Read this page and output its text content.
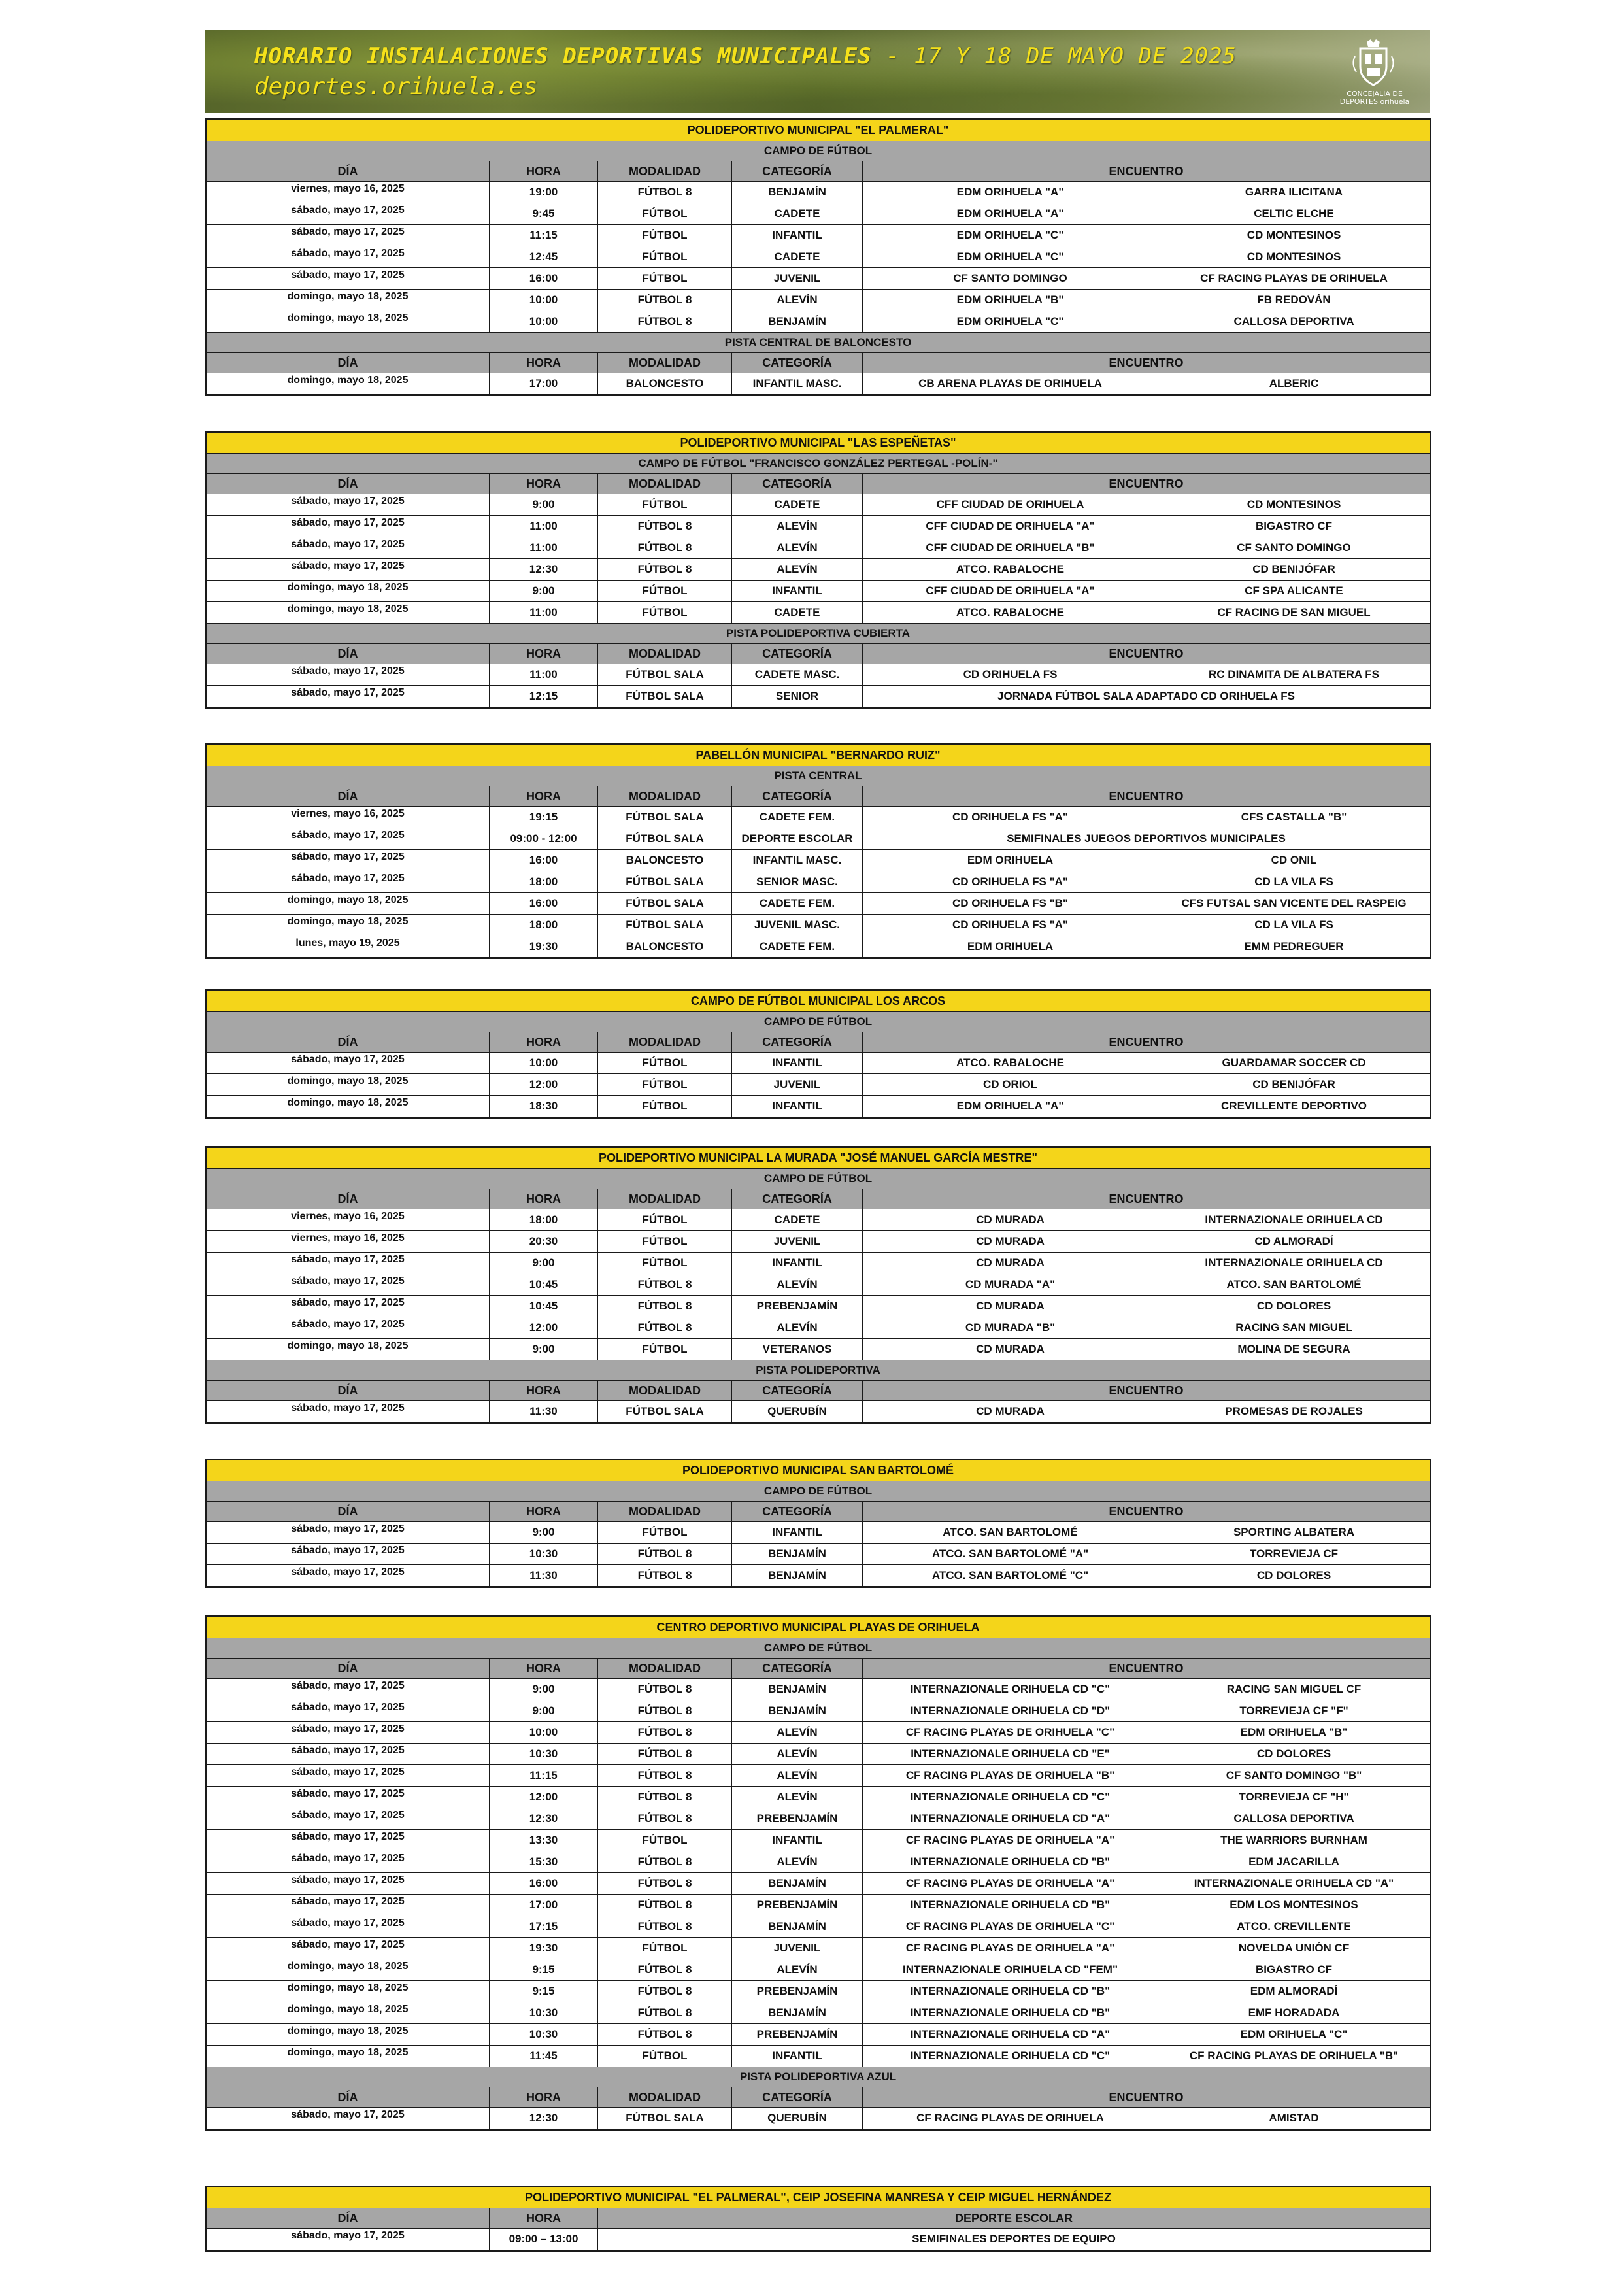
HORARIO INSTALACIONES DEPORTIVAS MUNICIPALES - 17 Y 18 DE MAYO DE 2025
deportes.orihuela.es	CONCEJALÍA DE DEPORTES orihuela
POLIDEPORTIVO MUNICIPAL "EL PALMERAL"					
CAMPO DE FÚTBOL					
DÍA	HORA	MODALIDAD	CATEGORÍA	ENCUENTRO	
viernes, mayo 16, 2025	19:00	FÚTBOL 8	BENJAMÍN	EDM ORIHUELA "A"	GARRA ILICITANA
sábado, mayo 17, 2025	9:45	FÚTBOL	CADETE	EDM ORIHUELA "A"	CELTIC ELCHE
sábado, mayo 17, 2025	11:15	FÚTBOL	INFANTIL	EDM ORIHUELA "C"	CD MONTESINOS
sábado, mayo 17, 2025	12:45	FÚTBOL	CADETE	EDM ORIHUELA "C"	CD MONTESINOS
sábado, mayo 17, 2025	16:00	FÚTBOL	JUVENIL	CF SANTO DOMINGO	CF RACING PLAYAS DE ORIHUELA
domingo, mayo 18, 2025	10:00	FÚTBOL 8	ALEVÍN	EDM ORIHUELA "B"	FB REDOVÁN
domingo, mayo 18, 2025	10:00	FÚTBOL 8	BENJAMÍN	EDM ORIHUELA "C"	CALLOSA DEPORTIVA
PISTA CENTRAL DE BALONCESTO					
DÍA	HORA	MODALIDAD	CATEGORÍA	ENCUENTRO	
domingo, mayo 18, 2025	17:00	BALONCESTO	INFANTIL MASC.	CB ARENA PLAYAS DE ORIHUELA	ALBERIC
POLIDEPORTIVO MUNICIPAL "LAS ESPEÑETAS"					
CAMPO DE FÚTBOL "FRANCISCO GONZÁLEZ PERTEGAL -POLÍN-"					
DÍA	HORA	MODALIDAD	CATEGORÍA	ENCUENTRO	
sábado, mayo 17, 2025	9:00	FÚTBOL	CADETE	CFF CIUDAD DE ORIHUELA	CD MONTESINOS
sábado, mayo 17, 2025	11:00	FÚTBOL 8	ALEVÍN	CFF CIUDAD DE ORIHUELA "A"	BIGASTRO CF
sábado, mayo 17, 2025	11:00	FÚTBOL 8	ALEVÍN	CFF CIUDAD DE ORIHUELA "B"	CF SANTO DOMINGO
sábado, mayo 17, 2025	12:30	FÚTBOL 8	ALEVÍN	ATCO. RABALOCHE	CD BENIJÓFAR
domingo, mayo 18, 2025	9:00	FÚTBOL	INFANTIL	CFF CIUDAD DE ORIHUELA "A"	CF SPA ALICANTE
domingo, mayo 18, 2025	11:00	FÚTBOL	CADETE	ATCO. RABALOCHE	CF RACING DE SAN MIGUEL
PISTA POLIDEPORTIVA CUBIERTA					
DÍA	HORA	MODALIDAD	CATEGORÍA	ENCUENTRO	
sábado, mayo 17, 2025	11:00	FÚTBOL SALA	CADETE MASC.	CD ORIHUELA FS	RC DINAMITA DE ALBATERA FS
sábado, mayo 17, 2025	12:15	FÚTBOL SALA	SENIOR	JORNADA FÚTBOL SALA ADAPTADO CD ORIHUELA FS	
PABELLÓN MUNICIPAL "BERNARDO RUIZ"					
PISTA CENTRAL					
DÍA	HORA	MODALIDAD	CATEGORÍA	ENCUENTRO	
viernes, mayo 16, 2025	19:15	FÚTBOL SALA	CADETE FEM.	CD ORIHUELA FS "A"	CFS CASTALLA "B"
sábado, mayo 17, 2025	09:00 - 12:00	FÚTBOL SALA	DEPORTE ESCOLAR	SEMIFINALES JUEGOS DEPORTIVOS MUNICIPALES	
sábado, mayo 17, 2025	16:00	BALONCESTO	INFANTIL MASC.	EDM ORIHUELA	CD ONIL
sábado, mayo 17, 2025	18:00	FÚTBOL SALA	SENIOR MASC.	CD ORIHUELA FS "A"	CD LA VILA FS
domingo, mayo 18, 2025	16:00	FÚTBOL SALA	CADETE FEM.	CD ORIHUELA FS "B"	CFS FUTSAL SAN VICENTE DEL RASPEIG
domingo, mayo 18, 2025	18:00	FÚTBOL SALA	JUVENIL MASC.	CD ORIHUELA FS "A"	CD LA VILA FS
lunes, mayo 19, 2025	19:30	BALONCESTO	CADETE FEM.	EDM ORIHUELA	EMM PEDREGUER
CAMPO DE FÚTBOL MUNICIPAL LOS ARCOS					
CAMPO DE FÚTBOL					
DÍA	HORA	MODALIDAD	CATEGORÍA	ENCUENTRO	
sábado, mayo 17, 2025	10:00	FÚTBOL	INFANTIL	ATCO. RABALOCHE	GUARDAMAR SOCCER CD
domingo, mayo 18, 2025	12:00	FÚTBOL	JUVENIL	CD ORIOL	CD BENIJÓFAR
domingo, mayo 18, 2025	18:30	FÚTBOL	INFANTIL	EDM ORIHUELA "A"	CREVILLENTE DEPORTIVO
POLIDEPORTIVO MUNICIPAL LA MURADA "JOSÉ MANUEL GARCÍA MESTRE"					
CAMPO DE FÚTBOL					
DÍA	HORA	MODALIDAD	CATEGORÍA	ENCUENTRO	
viernes, mayo 16, 2025	18:00	FÚTBOL	CADETE	CD MURADA	INTERNAZIONALE ORIHUELA CD
viernes, mayo 16, 2025	20:30	FÚTBOL	JUVENIL	CD MURADA	CD ALMORADÍ
sábado, mayo 17, 2025	9:00	FÚTBOL	INFANTIL	CD MURADA	INTERNAZIONALE ORIHUELA CD
sábado, mayo 17, 2025	10:45	FÚTBOL 8	ALEVÍN	CD MURADA "A"	ATCO. SAN BARTOLOMÉ
sábado, mayo 17, 2025	10:45	FÚTBOL 8	PREBENJAMÍN	CD MURADA	CD DOLORES
sábado, mayo 17, 2025	12:00	FÚTBOL 8	ALEVÍN	CD MURADA "B"	RACING SAN MIGUEL
domingo, mayo 18, 2025	9:00	FÚTBOL	VETERANOS	CD MURADA	MOLINA DE SEGURA
PISTA POLIDEPORTIVA					
DÍA	HORA	MODALIDAD	CATEGORÍA	ENCUENTRO	
sábado, mayo 17, 2025	11:30	FÚTBOL SALA	QUERUBÍN	CD MURADA	PROMESAS DE ROJALES
POLIDEPORTIVO MUNICIPAL SAN BARTOLOMÉ					
CAMPO DE FÚTBOL					
DÍA	HORA	MODALIDAD	CATEGORÍA	ENCUENTRO	
sábado, mayo 17, 2025	9:00	FÚTBOL	INFANTIL	ATCO. SAN BARTOLOMÉ	SPORTING ALBATERA
sábado, mayo 17, 2025	10:30	FÚTBOL 8	BENJAMÍN	ATCO. SAN BARTOLOMÉ "A"	TORREVIEJA CF
sábado, mayo 17, 2025	11:30	FÚTBOL 8	BENJAMÍN	ATCO. SAN BARTOLOMÉ "C"	CD DOLORES
CENTRO DEPORTIVO MUNICIPAL PLAYAS DE ORIHUELA					
CAMPO DE FÚTBOL					
DÍA	HORA	MODALIDAD	CATEGORÍA	ENCUENTRO	
sábado, mayo 17, 2025	9:00	FÚTBOL 8	BENJAMÍN	INTERNAZIONALE ORIHUELA CD "C"	RACING SAN MIGUEL CF
sábado, mayo 17, 2025	9:00	FÚTBOL 8	BENJAMÍN	INTERNAZIONALE ORIHUELA CD "D"	TORREVIEJA CF "F"
sábado, mayo 17, 2025	10:00	FÚTBOL 8	ALEVÍN	CF RACING PLAYAS DE ORIHUELA "C"	EDM ORIHUELA "B"
sábado, mayo 17, 2025	10:30	FÚTBOL 8	ALEVÍN	INTERNAZIONALE ORIHUELA CD "E"	CD DOLORES
sábado, mayo 17, 2025	11:15	FÚTBOL 8	ALEVÍN	CF RACING PLAYAS DE ORIHUELA "B"	CF SANTO DOMINGO "B"
sábado, mayo 17, 2025	12:00	FÚTBOL 8	ALEVÍN	INTERNAZIONALE ORIHUELA CD "C"	TORREVIEJA CF "H"
sábado, mayo 17, 2025	12:30	FÚTBOL 8	PREBENJAMÍN	INTERNAZIONALE ORIHUELA CD "A"	CALLOSA DEPORTIVA
sábado, mayo 17, 2025	13:30	FÚTBOL	INFANTIL	CF RACING PLAYAS DE ORIHUELA "A"	THE WARRIORS BURNHAM
sábado, mayo 17, 2025	15:30	FÚTBOL 8	ALEVÍN	INTERNAZIONALE ORIHUELA CD "B"	EDM JACARILLA
sábado, mayo 17, 2025	16:00	FÚTBOL 8	BENJAMÍN	CF RACING PLAYAS DE ORIHUELA "A"	INTERNAZIONALE ORIHUELA CD "A"
sábado, mayo 17, 2025	17:00	FÚTBOL 8	PREBENJAMÍN	INTERNAZIONALE ORIHUELA CD "B"	EDM LOS MONTESINOS
sábado, mayo 17, 2025	17:15	FÚTBOL 8	BENJAMÍN	CF RACING PLAYAS DE ORIHUELA "C"	ATCO. CREVILLENTE
sábado, mayo 17, 2025	19:30	FÚTBOL	JUVENIL	CF RACING PLAYAS DE ORIHUELA "A"	NOVELDA UNIÓN CF
domingo, mayo 18, 2025	9:15	FÚTBOL 8	ALEVÍN	INTERNAZIONALE ORIHUELA CD "FEM"	BIGASTRO CF
domingo, mayo 18, 2025	9:15	FÚTBOL 8	PREBENJAMÍN	INTERNAZIONALE ORIHUELA CD "B"	EDM ALMORADÍ
domingo, mayo 18, 2025	10:30	FÚTBOL 8	BENJAMÍN	INTERNAZIONALE ORIHUELA CD "B"	EMF HORADADA
domingo, mayo 18, 2025	10:30	FÚTBOL 8	PREBENJAMÍN	INTERNAZIONALE ORIHUELA CD "A"	EDM ORIHUELA "C"
domingo, mayo 18, 2025	11:45	FÚTBOL	INFANTIL	INTERNAZIONALE ORIHUELA CD "C"	CF RACING PLAYAS DE ORIHUELA "B"
PISTA POLIDEPORTIVA AZUL					
DÍA	HORA	MODALIDAD	CATEGORÍA	ENCUENTRO	
sábado, mayo 17, 2025	12:30	FÚTBOL SALA	QUERUBÍN	CF RACING PLAYAS DE ORIHUELA	AMISTAD
POLIDEPORTIVO MUNICIPAL "EL PALMERAL", CEIP JOSEFINA MANRESA Y CEIP MIGUEL HERNÁNDEZ		
DÍA	HORA	DEPORTE ESCOLAR
sábado, mayo 17, 2025	09:00 – 13:00	SEMIFINALES DEPORTES DE EQUIPO
